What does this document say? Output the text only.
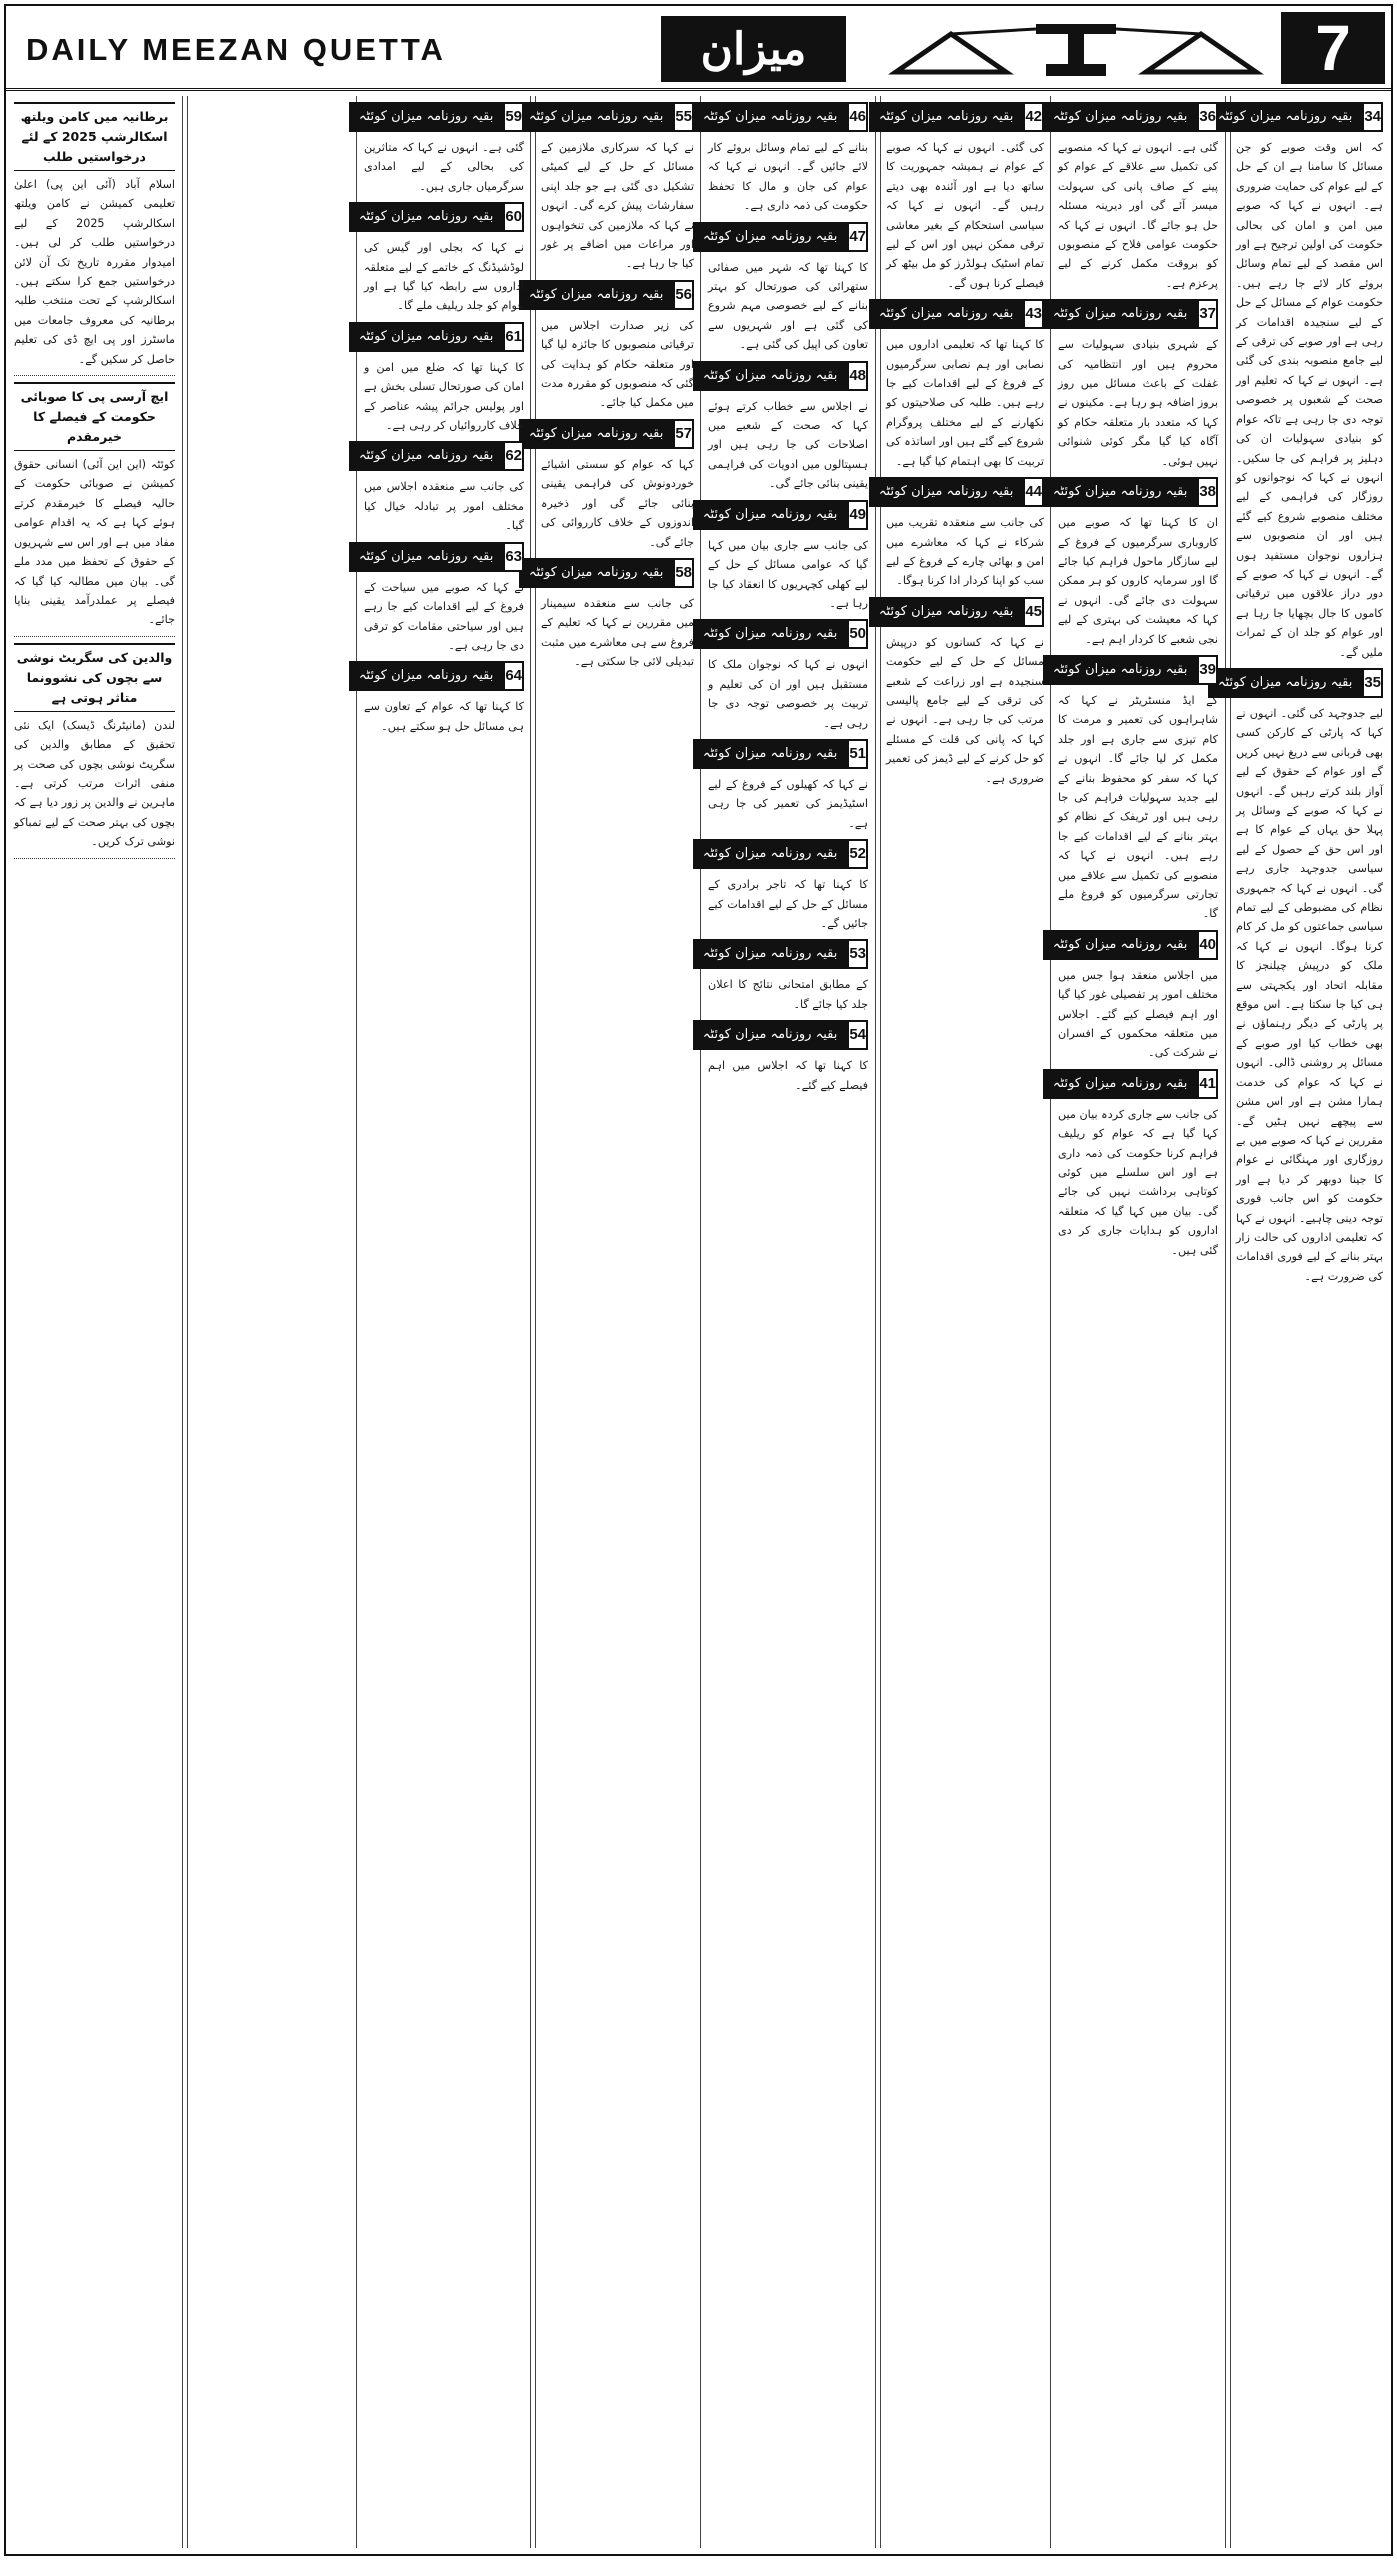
DAILY MEEZAN QUETTA	میزان	7
34
بقیہ روزنامہ میزان کوئٹہ

کہ اس وقت صوبے کو جن مسائل کا سامنا ہے ان کے حل کے لیے عوام کی حمایت ضروری ہے۔ انہوں نے کہا کہ صوبے میں امن و امان کی بحالی حکومت کی اولین ترجیح ہے اور اس مقصد کے لیے تمام وسائل بروئے کار لائے جا رہے ہیں۔ حکومت عوام کے مسائل کے حل کے لیے سنجیدہ اقدامات کر رہی ہے اور صوبے کی ترقی کے لیے جامع منصوبہ بندی کی گئی ہے۔ انہوں نے کہا کہ تعلیم اور صحت کے شعبوں پر خصوصی توجہ دی جا رہی ہے تاکہ عوام کو بنیادی سہولیات ان کی دہلیز پر فراہم کی جا سکیں۔ انہوں نے کہا کہ نوجوانوں کو روزگار کی فراہمی کے لیے مختلف منصوبے شروع کیے گئے ہیں اور ان منصوبوں سے ہزاروں نوجوان مستفید ہوں گے۔ انہوں نے کہا کہ صوبے کے دور دراز علاقوں میں ترقیاتی کاموں کا جال بچھایا جا رہا ہے اور عوام کو جلد ان کے ثمرات ملیں گے۔

35
بقیہ روزنامہ میزان کوئٹہ

لیے جدوجہد کی گئی۔ انہوں نے کہا کہ پارٹی کے کارکن کسی بھی قربانی سے دریغ نہیں کریں گے اور عوام کے حقوق کے لیے آواز بلند کرتے رہیں گے۔ انہوں نے کہا کہ صوبے کے وسائل پر پہلا حق یہاں کے عوام کا ہے اور اس حق کے حصول کے لیے سیاسی جدوجہد جاری رہے گی۔ انہوں نے کہا کہ جمہوری نظام کی مضبوطی کے لیے تمام سیاسی جماعتوں کو مل کر کام کرنا ہوگا۔ انہوں نے کہا کہ ملک کو درپیش چیلنجز کا مقابلہ اتحاد اور یکجہتی سے ہی کیا جا سکتا ہے۔ اس موقع پر پارٹی کے دیگر رہنماؤں نے بھی خطاب کیا اور صوبے کے مسائل پر روشنی ڈالی۔ انہوں نے کہا کہ عوام کی خدمت ہمارا مشن ہے اور اس مشن سے پیچھے نہیں ہٹیں گے۔ مقررین نے کہا کہ صوبے میں بے روزگاری اور مہنگائی نے عوام کا جینا دوبھر کر دیا ہے اور حکومت کو اس جانب فوری توجہ دینی چاہیے۔ انہوں نے کہا کہ تعلیمی اداروں کی حالت زار بہتر بنانے کے لیے فوری اقدامات کی ضرورت ہے۔

36
بقیہ روزنامہ میزان کوئٹہ

گئی ہے۔ انہوں نے کہا کہ منصوبے کی تکمیل سے علاقے کے عوام کو پینے کے صاف پانی کی سہولت میسر آئے گی اور دیرینہ مسئلہ حل ہو جائے گا۔ انہوں نے کہا کہ حکومت عوامی فلاح کے منصوبوں کو بروقت مکمل کرنے کے لیے پرعزم ہے۔

37
بقیہ روزنامہ میزان کوئٹہ

کے شہری بنیادی سہولیات سے محروم ہیں اور انتظامیہ کی غفلت کے باعث مسائل میں روز بروز اضافہ ہو رہا ہے۔ مکینوں نے کہا کہ متعدد بار متعلقہ حکام کو آگاہ کیا گیا مگر کوئی شنوائی نہیں ہوئی۔

38
بقیہ روزنامہ میزان کوئٹہ

ان کا کہنا تھا کہ صوبے میں کاروباری سرگرمیوں کے فروغ کے لیے سازگار ماحول فراہم کیا جائے گا اور سرمایہ کاروں کو ہر ممکن سہولت دی جائے گی۔ انہوں نے کہا کہ معیشت کی بہتری کے لیے نجی شعبے کا کردار اہم ہے۔

39
بقیہ روزنامہ میزان کوئٹہ

کے ایڈ منسٹریٹر نے کہا کہ شاہراہوں کی تعمیر و مرمت کا کام تیزی سے جاری ہے اور جلد مکمل کر لیا جائے گا۔ انہوں نے کہا کہ سفر کو محفوظ بنانے کے لیے جدید سہولیات فراہم کی جا رہی ہیں اور ٹریفک کے نظام کو بہتر بنانے کے لیے اقدامات کیے جا رہے ہیں۔ انہوں نے کہا کہ منصوبے کی تکمیل سے علاقے میں تجارتی سرگرمیوں کو فروغ ملے گا۔

40
بقیہ روزنامہ میزان کوئٹہ

میں اجلاس منعقد ہوا جس میں مختلف امور پر تفصیلی غور کیا گیا اور اہم فیصلے کیے گئے۔ اجلاس میں متعلقہ محکموں کے افسران نے شرکت کی۔

41
بقیہ روزنامہ میزان کوئٹہ

کی جانب سے جاری کردہ بیان میں کہا گیا ہے کہ عوام کو ریلیف فراہم کرنا حکومت کی ذمہ داری ہے اور اس سلسلے میں کوئی کوتاہی برداشت نہیں کی جائے گی۔ بیان میں کہا گیا کہ متعلقہ اداروں کو ہدایات جاری کر دی گئی ہیں۔

42
بقیہ روزنامہ میزان کوئٹہ

کی گئی۔ انہوں نے کہا کہ صوبے کے عوام نے ہمیشہ جمہوریت کا ساتھ دیا ہے اور آئندہ بھی دیتے رہیں گے۔ انہوں نے کہا کہ سیاسی استحکام کے بغیر معاشی ترقی ممکن نہیں اور اس کے لیے تمام اسٹیک ہولڈرز کو مل بیٹھ کر فیصلے کرنا ہوں گے۔

43
بقیہ روزنامہ میزان کوئٹہ

کا کہنا تھا کہ تعلیمی اداروں میں نصابی اور ہم نصابی سرگرمیوں کے فروغ کے لیے اقدامات کیے جا رہے ہیں۔ طلبہ کی صلاحیتوں کو نکھارنے کے لیے مختلف پروگرام شروع کیے گئے ہیں اور اساتذہ کی تربیت کا بھی اہتمام کیا گیا ہے۔

44
بقیہ روزنامہ میزان کوئٹہ

کی جانب سے منعقدہ تقریب میں شرکاء نے کہا کہ معاشرے میں امن و بھائی چارے کے فروغ کے لیے سب کو اپنا کردار ادا کرنا ہوگا۔

45
بقیہ روزنامہ میزان کوئٹہ

نے کہا کہ کسانوں کو درپیش مسائل کے حل کے لیے حکومت سنجیدہ ہے اور زراعت کے شعبے کی ترقی کے لیے جامع پالیسی مرتب کی جا رہی ہے۔ انہوں نے کہا کہ پانی کی قلت کے مسئلے کو حل کرنے کے لیے ڈیمز کی تعمیر ضروری ہے۔

46
بقیہ روزنامہ میزان کوئٹہ

بنانے کے لیے تمام وسائل بروئے کار لائے جائیں گے۔ انہوں نے کہا کہ عوام کی جان و مال کا تحفظ حکومت کی ذمہ داری ہے۔

47
بقیہ روزنامہ میزان کوئٹہ

کا کہنا تھا کہ شہر میں صفائی ستھرائی کی صورتحال کو بہتر بنانے کے لیے خصوصی مہم شروع کی گئی ہے اور شہریوں سے تعاون کی اپیل کی گئی ہے۔

48
بقیہ روزنامہ میزان کوئٹہ

نے اجلاس سے خطاب کرتے ہوئے کہا کہ صحت کے شعبے میں اصلاحات کی جا رہی ہیں اور ہسپتالوں میں ادویات کی فراہمی یقینی بنائی جائے گی۔

49
بقیہ روزنامہ میزان کوئٹہ

کی جانب سے جاری بیان میں کہا گیا کہ عوامی مسائل کے حل کے لیے کھلی کچہریوں کا انعقاد کیا جا رہا ہے۔

50
بقیہ روزنامہ میزان کوئٹہ

انہوں نے کہا کہ نوجوان ملک کا مستقبل ہیں اور ان کی تعلیم و تربیت پر خصوصی توجہ دی جا رہی ہے۔

51
بقیہ روزنامہ میزان کوئٹہ

نے کہا کہ کھیلوں کے فروغ کے لیے اسٹیڈیمز کی تعمیر کی جا رہی ہے۔

52
بقیہ روزنامہ میزان کوئٹہ

کا کہنا تھا کہ تاجر برادری کے مسائل کے حل کے لیے اقدامات کیے جائیں گے۔

53
بقیہ روزنامہ میزان کوئٹہ

کے مطابق امتحانی نتائج کا اعلان جلد کیا جائے گا۔

54
بقیہ روزنامہ میزان کوئٹہ

کا کہنا تھا کہ اجلاس میں اہم فیصلے کیے گئے۔

55
بقیہ روزنامہ میزان کوئٹہ

نے کہا کہ سرکاری ملازمین کے مسائل کے حل کے لیے کمیٹی تشکیل دی گئی ہے جو جلد اپنی سفارشات پیش کرے گی۔ انہوں نے کہا کہ ملازمین کی تنخواہوں اور مراعات میں اضافے پر غور کیا جا رہا ہے۔

56
بقیہ روزنامہ میزان کوئٹہ

کی زیر صدارت اجلاس میں ترقیاتی منصوبوں کا جائزہ لیا گیا اور متعلقہ حکام کو ہدایت کی گئی کہ منصوبوں کو مقررہ مدت میں مکمل کیا جائے۔

57
بقیہ روزنامہ میزان کوئٹہ

کہا کہ عوام کو سستی اشیائے خوردونوش کی فراہمی یقینی بنائی جائے گی اور ذخیرہ اندوزوں کے خلاف کارروائی کی جائے گی۔

58
بقیہ روزنامہ میزان کوئٹہ

کی جانب سے منعقدہ سیمینار میں مقررین نے کہا کہ تعلیم کے فروغ سے ہی معاشرے میں مثبت تبدیلی لائی جا سکتی ہے۔

59
بقیہ روزنامہ میزان کوئٹہ

گئی ہے۔ انہوں نے کہا کہ متاثرین کی بحالی کے لیے امدادی سرگرمیاں جاری ہیں۔

60
بقیہ روزنامہ میزان کوئٹہ

نے کہا کہ بجلی اور گیس کی لوڈشیڈنگ کے خاتمے کے لیے متعلقہ اداروں سے رابطہ کیا گیا ہے اور عوام کو جلد ریلیف ملے گا۔

61
بقیہ روزنامہ میزان کوئٹہ

کا کہنا تھا کہ ضلع میں امن و امان کی صورتحال تسلی بخش ہے اور پولیس جرائم پیشہ عناصر کے خلاف کارروائیاں کر رہی ہے۔

62
بقیہ روزنامہ میزان کوئٹہ

کی جانب سے منعقدہ اجلاس میں مختلف امور پر تبادلہ خیال کیا گیا۔

63
بقیہ روزنامہ میزان کوئٹہ

نے کہا کہ صوبے میں سیاحت کے فروغ کے لیے اقدامات کیے جا رہے ہیں اور سیاحتی مقامات کو ترقی دی جا رہی ہے۔

64
بقیہ روزنامہ میزان کوئٹہ

کا کہنا تھا کہ عوام کے تعاون سے ہی مسائل حل ہو سکتے ہیں۔

برطانیہ میں کامن ویلتھ اسکالرشپ 2025 کے لئے درخواستیں طلب

اسلام آباد (آئی این پی) اعلیٰ تعلیمی کمیشن نے کامن ویلتھ اسکالرشپ 2025 کے لیے درخواستیں طلب کر لی ہیں۔ امیدوار مقررہ تاریخ تک آن لائن درخواستیں جمع کرا سکتے ہیں۔ اسکالرشپ کے تحت منتخب طلبہ برطانیہ کی معروف جامعات میں ماسٹرز اور پی ایچ ڈی کی تعلیم حاصل کر سکیں گے۔

ایچ آرسی پی کا صوبائی حکومت کے فیصلے کا خیرمقدم

کوئٹہ (این این آئی) انسانی حقوق کمیشن نے صوبائی حکومت کے حالیہ فیصلے کا خیرمقدم کرتے ہوئے کہا ہے کہ یہ اقدام عوامی مفاد میں ہے اور اس سے شہریوں کے حقوق کے تحفظ میں مدد ملے گی۔ بیان میں مطالبہ کیا گیا کہ فیصلے پر عملدرآمد یقینی بنایا جائے۔

والدین کی سگریٹ نوشی سے بچوں کی نشوونما متاثر ہوتی ہے

لندن (مانیٹرنگ ڈیسک) ایک نئی تحقیق کے مطابق والدین کی سگریٹ نوشی بچوں کی صحت پر منفی اثرات مرتب کرتی ہے۔ ماہرین نے والدین پر زور دیا ہے کہ بچوں کی بہتر صحت کے لیے تمباکو نوشی ترک کریں۔
